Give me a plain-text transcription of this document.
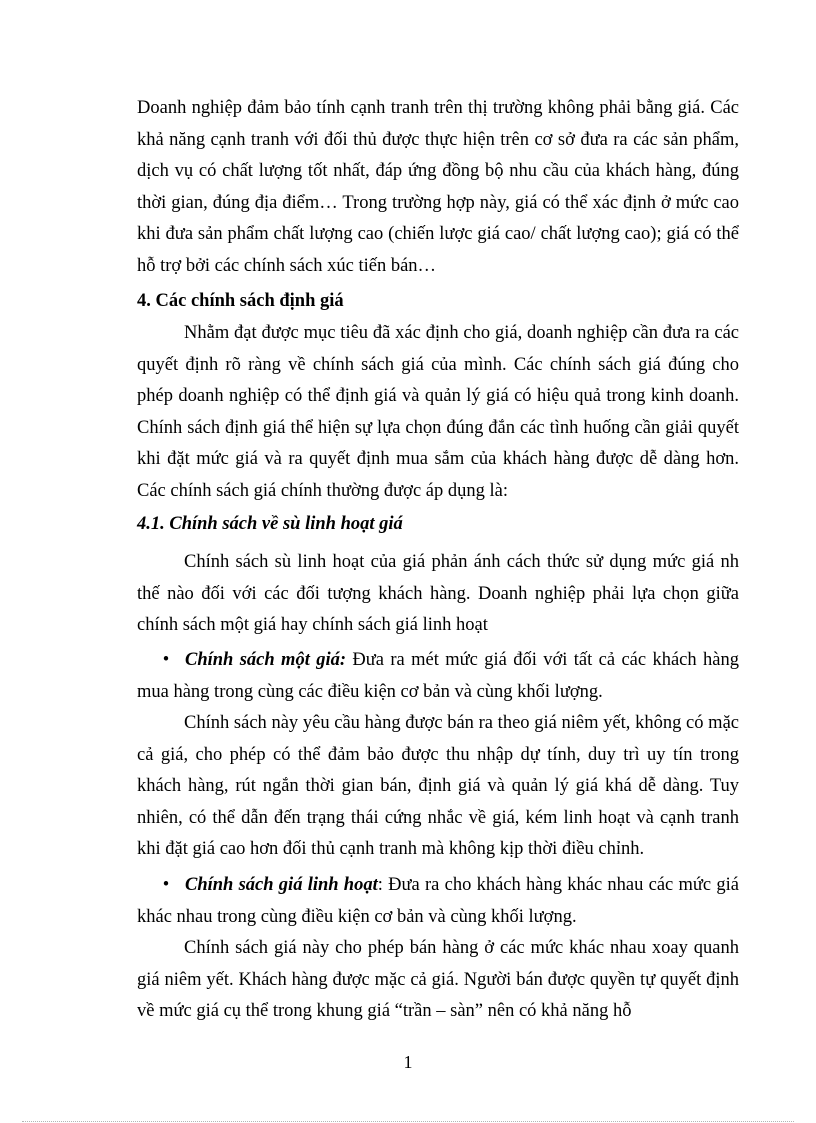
Doanh nghiệp đảm bảo tính cạnh tranh trên thị trường không phải bằng giá. Các khả năng cạnh tranh với đối thủ được thực hiện trên cơ sở đưa ra các sản phẩm, dịch vụ có chất lượng tốt nhất, đáp ứng đồng bộ nhu cầu của khách hàng, đúng thời gian, đúng địa điểm… Trong trường hợp này, giá có thể xác định ở mức cao khi đưa sản phẩm chất lượng cao (chiến lược giá cao/ chất lượng cao); giá có thể hỗ trợ bởi các chính sách xúc tiến bán…

4. Các chính sách định giá

Nhằm đạt được mục tiêu đã xác định cho giá, doanh nghiệp cần đưa ra các quyết định rõ ràng về chính sách giá của mình. Các chính sách giá đúng cho phép doanh nghiệp có thể định giá và quản lý giá có hiệu quả trong kinh doanh. Chính sách định giá thể hiện sự lựa chọn đúng đắn các tình huống cần giải quyết khi đặt mức giá và ra quyết định mua sắm của khách hàng được dễ dàng hơn. Các chính sách giá chính thường được áp dụng là:

4.1. Chính sách về sù linh hoạt giá

Chính sách sù linh hoạt của giá phản ánh cách thức sử dụng mức giá nh thế nào đối với các đối tượng khách hàng. Doanh nghiệp phải lựa chọn giữa chính sách một giá hay chính sách giá linh hoạt

• Chính sách một giá: Đưa ra mét mức giá đối với tất cả các khách hàng mua hàng trong cùng các điều kiện cơ bản và cùng khối lượng.

Chính sách này yêu cầu hàng được bán ra theo giá niêm yết, không có mặc cả giá, cho phép có thể đảm bảo được thu nhập dự tính, duy trì uy tín trong khách hàng, rút ngắn thời gian bán, định giá và quản lý giá khá dễ dàng. Tuy nhiên, có thể dẫn đến trạng thái cứng nhắc về giá, kém linh hoạt và cạnh tranh khi đặt giá cao hơn đối thủ cạnh tranh mà không kịp thời điều chỉnh.

• Chính sách giá linh hoạt: Đưa ra cho khách hàng khác nhau các mức giá khác nhau trong cùng điều kiện cơ bản và cùng khối lượng.

Chính sách giá này cho phép bán hàng ở các mức khác nhau xoay quanh giá niêm yết. Khách hàng được mặc cả giá. Người bán được quyền tự quyết định về mức giá cụ thể trong khung giá “trần – sàn” nên có khả năng hỗ

1
